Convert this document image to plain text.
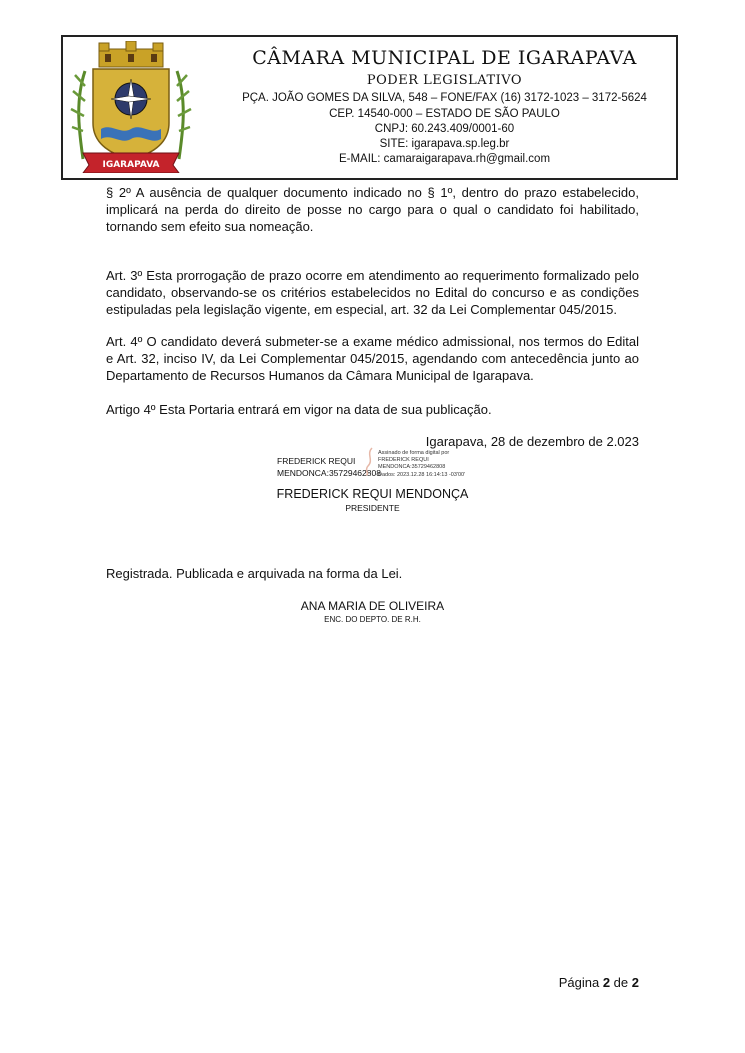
IGARAPAVA
CÂMARA MUNICIPAL DE IGARAPAVA
PODER LEGISLATIVO
PÇA. JOÃO GOMES DA SILVA, 548 – FONE/FAX (16) 3172-1023 – 3172-5624
CEP. 14540-000 – ESTADO DE SÃO PAULO
CNPJ: 60.243.409/0001-60
SITE: igarapava.sp.leg.br
E-MAIL: camaraigarapava.rh@gmail.com

§ 2º A ausência de qualquer documento indicado no § 1º, dentro do prazo estabelecido, implicará na perda do direito de posse no cargo para o qual o candidato foi habilitado, tornando sem efeito sua nomeação.

Art. 3º Esta prorrogação de prazo ocorre em atendimento ao requerimento formalizado pelo candidato, observando-se os critérios estabelecidos no Edital do concurso e as condições estipuladas pela legislação vigente, em especial, art. 32 da Lei Complementar 045/2015.

Art. 4º O candidato deverá submeter-se a exame médico admissional, nos termos do Edital e Art. 32, inciso IV, da Lei Complementar 045/2015, agendando com antecedência junto ao Departamento de Recursos Humanos da Câmara Municipal de Igarapava.

Artigo 4º Esta Portaria entrará em vigor na data de sua publicação.

Igarapava, 28 de dezembro de 2.023
FREDERICK REQUI
MENDONCA:35729462808
Assinado de forma digital por
FREDERICK REQUI
MENDONCA:35729462808
Dados: 2023.12.28 16:14:13 -03'00'
FREDERICK REQUI MENDONÇA
PRESIDENTE
Registrada. Publicada e arquivada na forma da Lei.
ANA MARIA DE OLIVEIRA
ENC. DO DEPTO. DE R.H.
Página 2 de 2
